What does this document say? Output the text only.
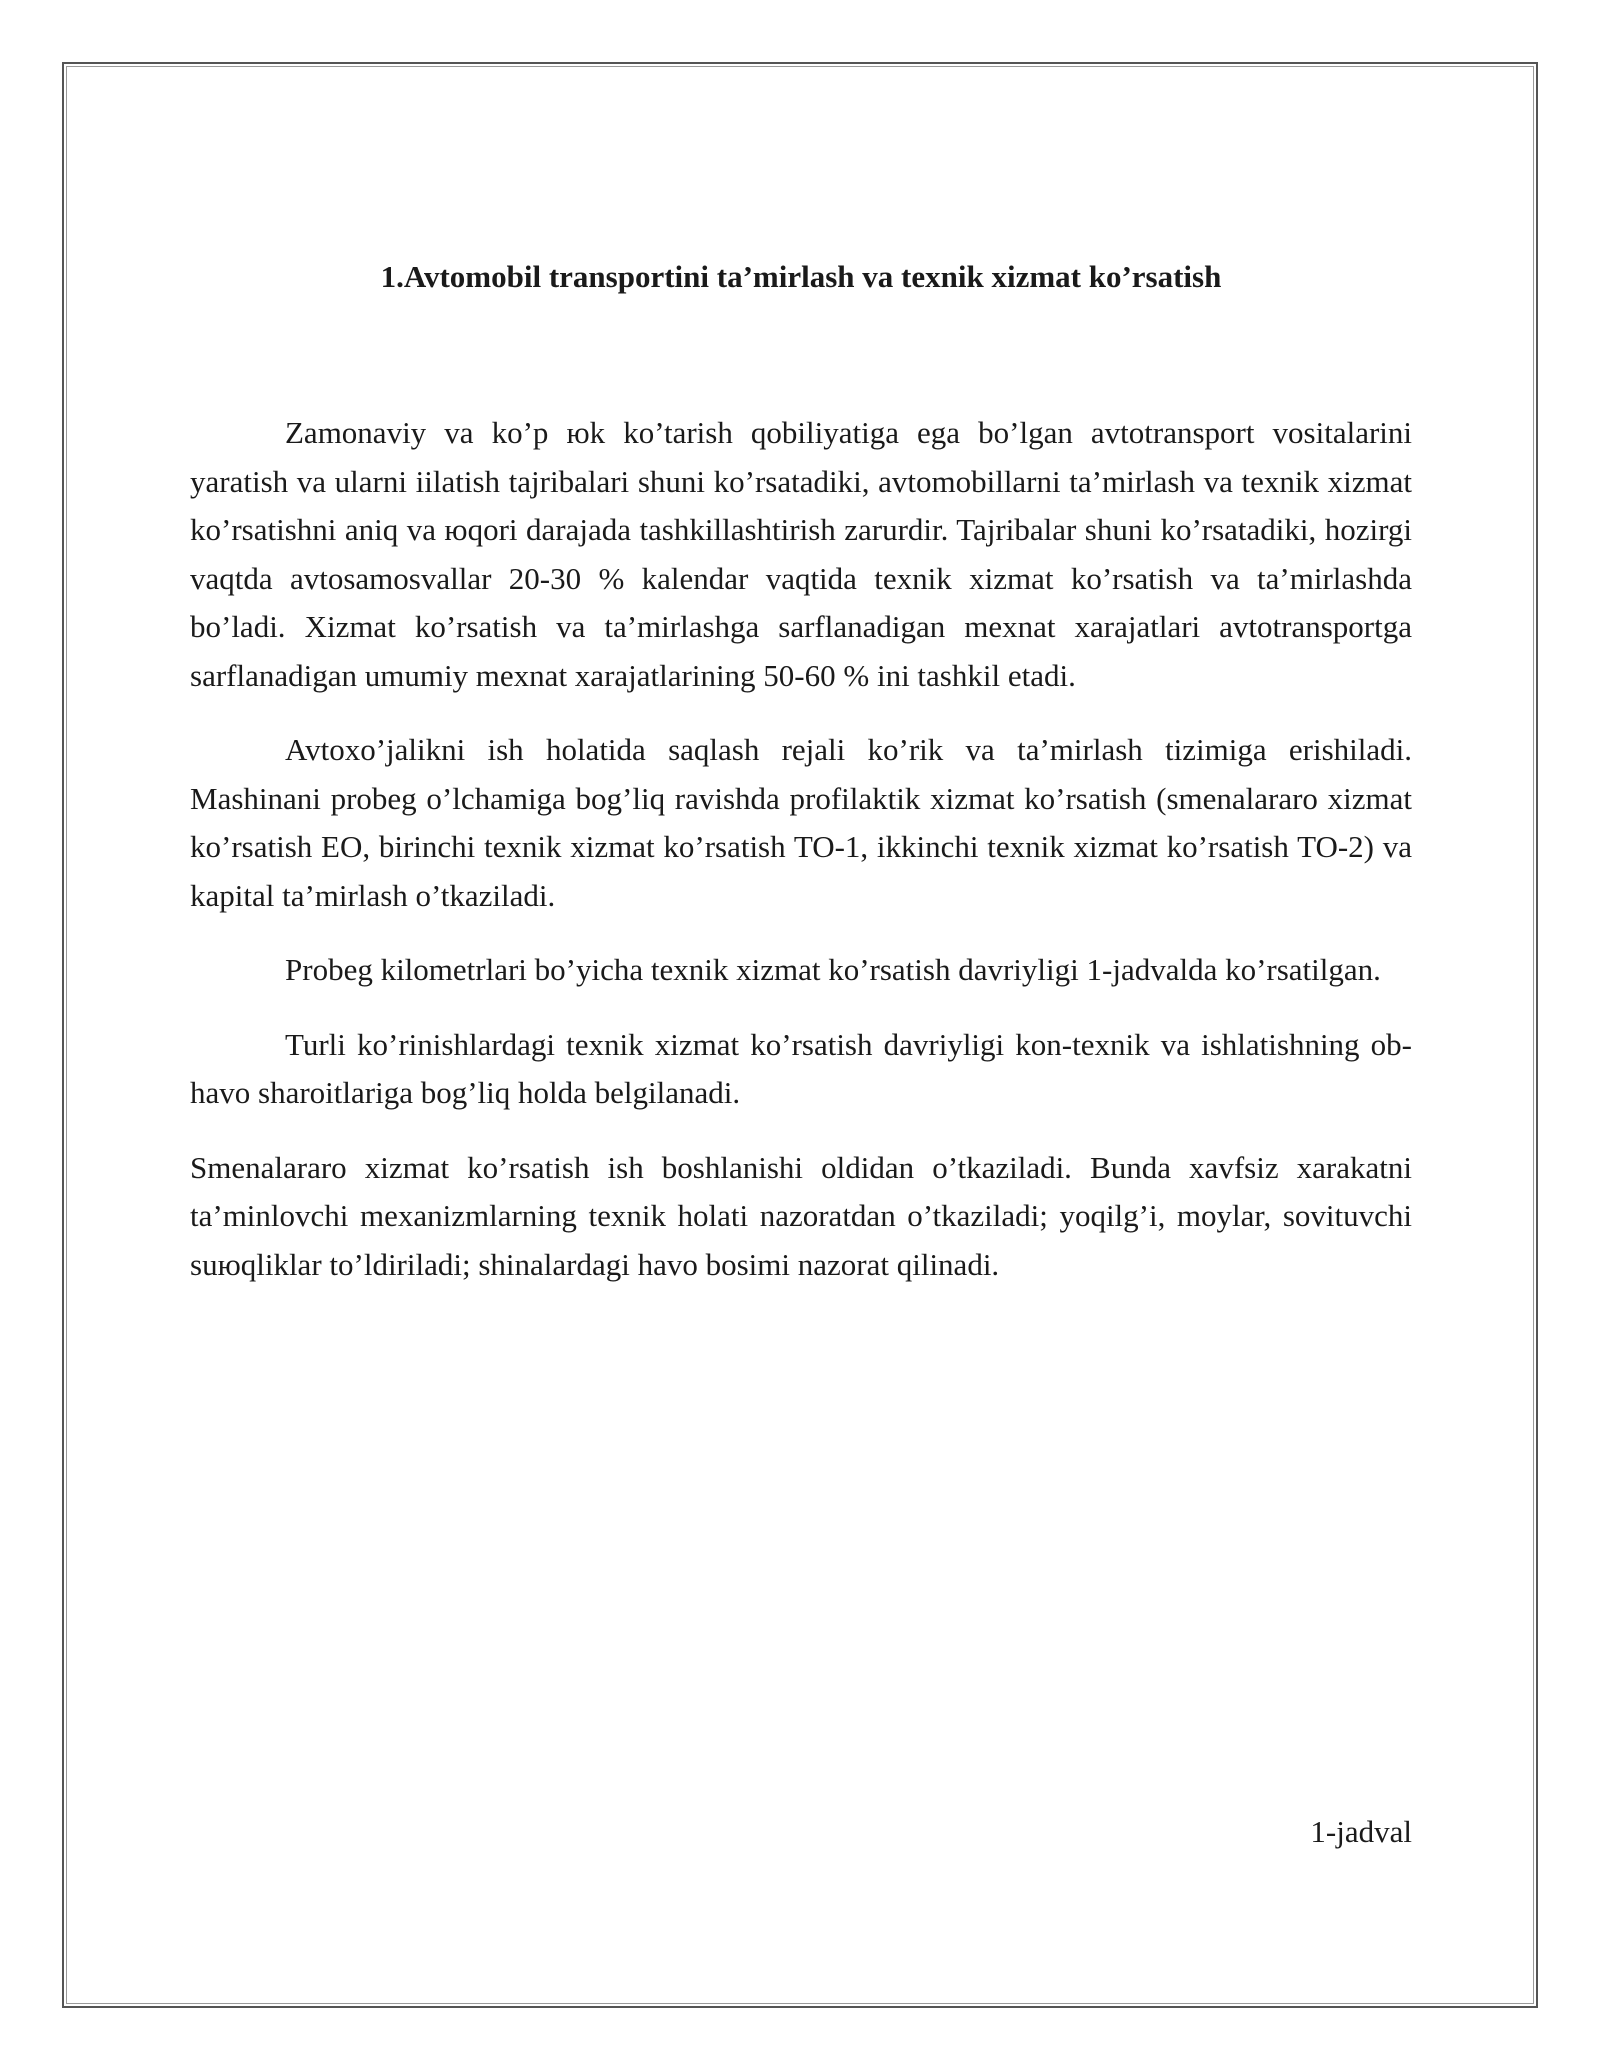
1.Avtomobil transportini ta’mirlash va texnik xizmat ko’rsatish

Zamonaviy va ko’p юk ko’tarish qobiliyatiga ega bo’lgan avtotransport vositalarini yaratish va ularni iilatish tajribalari shuni ko’rsatadiki, avtomobillarni ta’mirlash va texnik xizmat ko’rsatishni aniq va юqori darajada tashkillashtirish zarurdir. Tajribalar shuni ko’rsatadiki, hozirgi vaqtda avtosamosvallar 20-30 % kalendar vaqtida texnik xizmat ko’rsatish va ta’mirlashda bo’ladi. Xizmat ko’rsatish va ta’mirlashga sarflanadigan mexnat xarajatlari avtotransportga sarflanadigan umumiy mexnat xarajatlarining 50-60 % ini tashkil etadi.

Avtoxo’jalikni ish holatida saqlash rejali ko’rik va ta’mirlash tizimiga erishiladi. Mashinani probeg o’lchamiga bog’liq ravishda profilaktik xizmat ko’rsatish (smenalararo xizmat ko’rsatish EO, birinchi texnik xizmat ko’rsatish TO-1, ikkinchi texnik xizmat ko’rsatish TO-2) va kapital ta’mirlash o’tkaziladi.

Probeg kilometrlari bo’yicha texnik xizmat ko’rsatish davriyligi 1-jadvalda ko’rsatilgan.

Turli ko’rinishlardagi texnik xizmat ko’rsatish davriyligi kon-texnik va ishlatishning ob-havo sharoitlariga bog’liq holda belgilanadi.

Smenalararo xizmat ko’rsatish ish boshlanishi oldidan o’tkaziladi. Bunda xavfsiz xarakatni ta’minlovchi mexanizmlarning texnik holati nazoratdan o’tkaziladi; yoqilg’i, moylar, sovituvchi suюqliklar to’ldiriladi; shinalardagi havo bosimi nazorat qilinadi.

1-jadval
